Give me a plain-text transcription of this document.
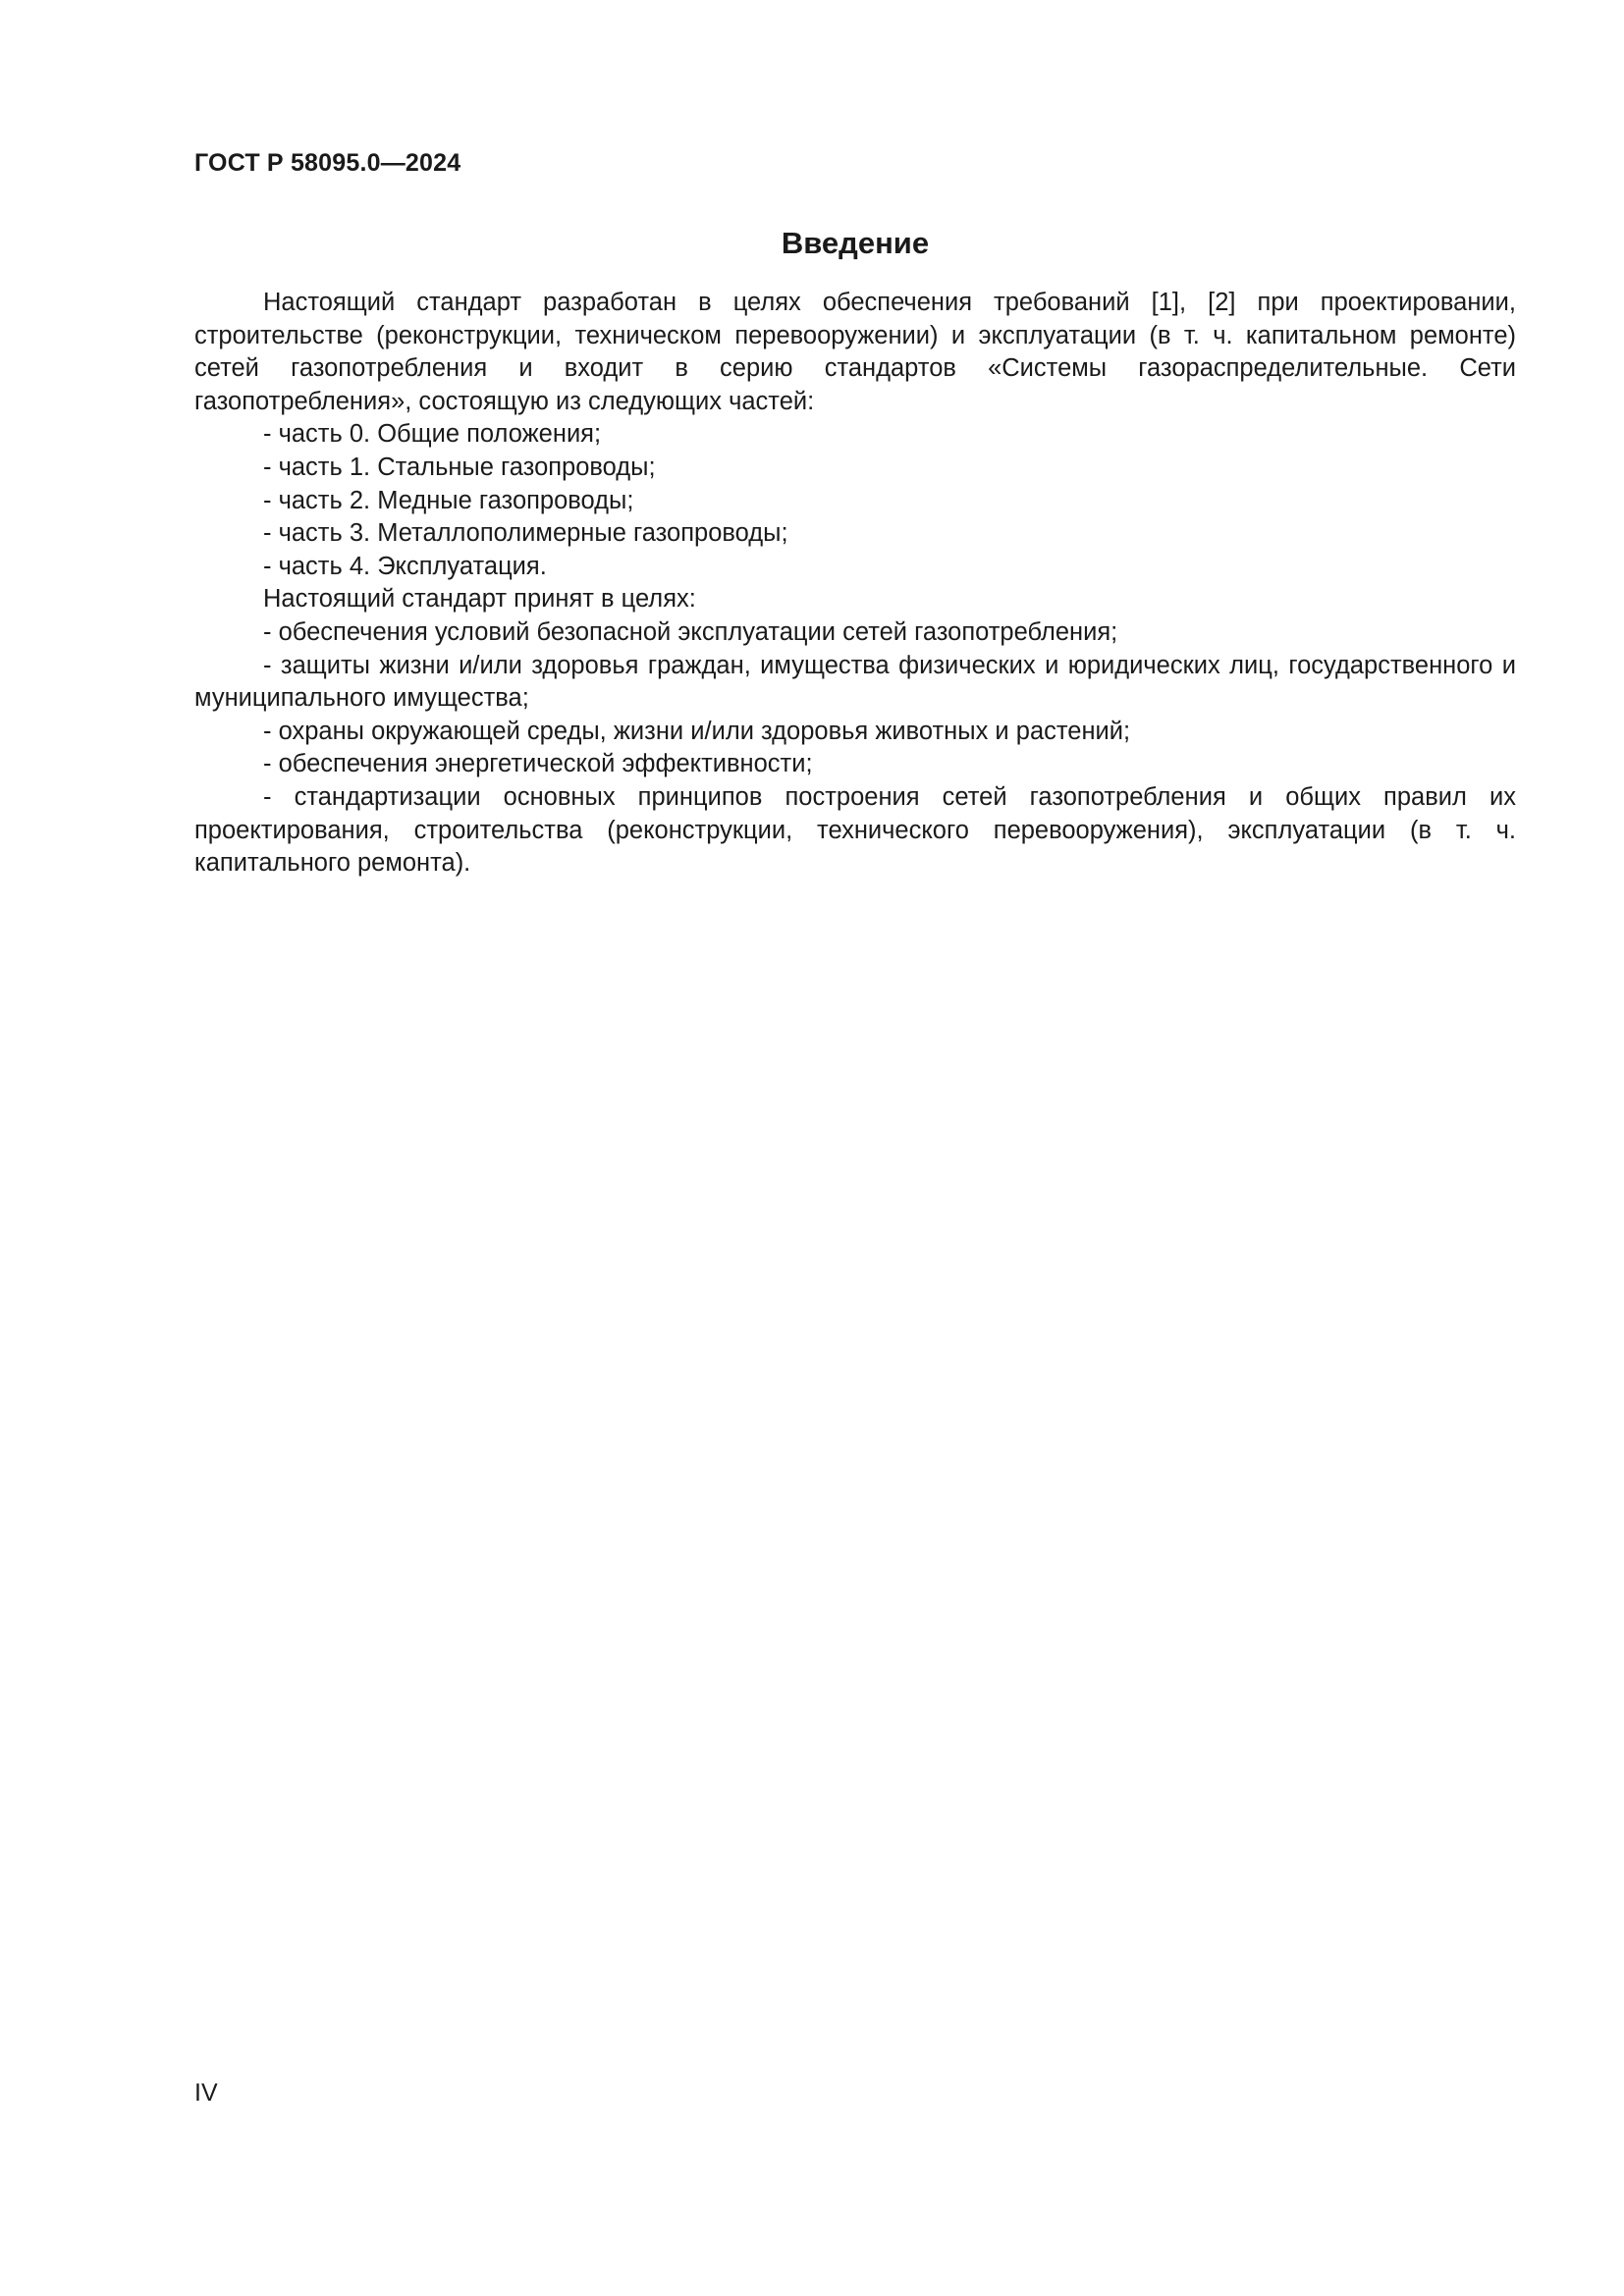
ГОСТ Р 58095.0—2024
Введение

Настоящий стандарт разработан в целях обеспечения требований [1], [2] при проектировании, строительстве (реконструкции, техническом перевооружении) и эксплуатации (в т. ч. капитальном ремонте) сетей газопотребления и входит в серию стандартов «Системы газораспределительные. Сети газопотребления», состоящую из следующих частей:

- часть 0. Общие положения;

- часть 1. Стальные газопроводы;

- часть 2. Медные газопроводы;

- часть 3. Металлополимерные газопроводы;

- часть 4. Эксплуатация.

Настоящий стандарт принят в целях:

- обеспечения условий безопасной эксплуатации сетей газопотребления;

- защиты жизни и/или здоровья граждан, имущества физических и юридических лиц, государственного и муниципального имущества;

- охраны окружающей среды, жизни и/или здоровья животных и растений;

- обеспечения энергетической эффективности;

- стандартизации основных принципов построения сетей газопотребления и общих правил их проектирования, строительства (реконструкции, технического перевооружения), эксплуатации (в т. ч. капитального ремонта).

IV
